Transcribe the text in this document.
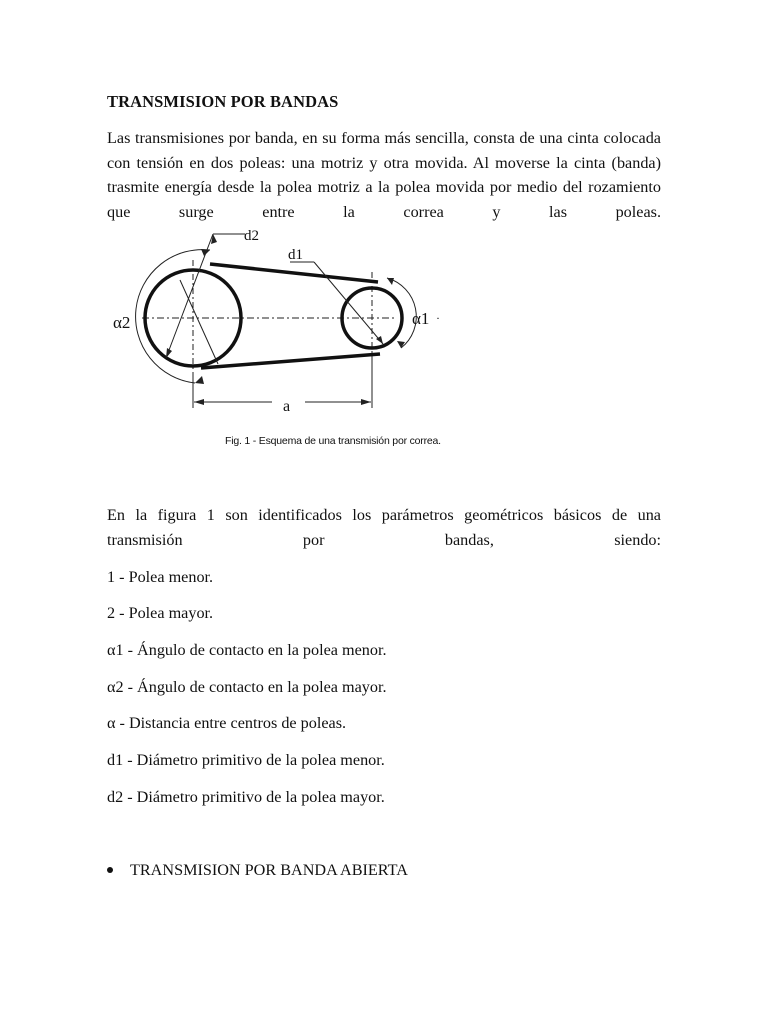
TRANSMISION POR BANDAS
Las transmisiones por banda, en su forma más sencilla, consta de una cinta colocada con tensión en dos poleas: una motriz y otra movida. Al moverse la cinta (banda) trasmite energía desde la polea motriz a la polea movida por medio del rozamiento que surge entre la correa y las poleas.
d2
d1
α2	α1 ·
a
Fig. 1 - Esquema de una transmisión por correa.
En la figura 1 son identificados los parámetros geométricos básicos de una transmisión por bandas, siendo:
1 - Polea menor.
2 - Polea mayor.
α1 - Ángulo de contacto en la polea menor.
α2 - Ángulo de contacto en la polea mayor.
α - Distancia entre centros de poleas.
d1 - Diámetro primitivo de la polea menor.
d2 - Diámetro primitivo de la polea mayor.
TRANSMISION POR BANDA ABIERTA
